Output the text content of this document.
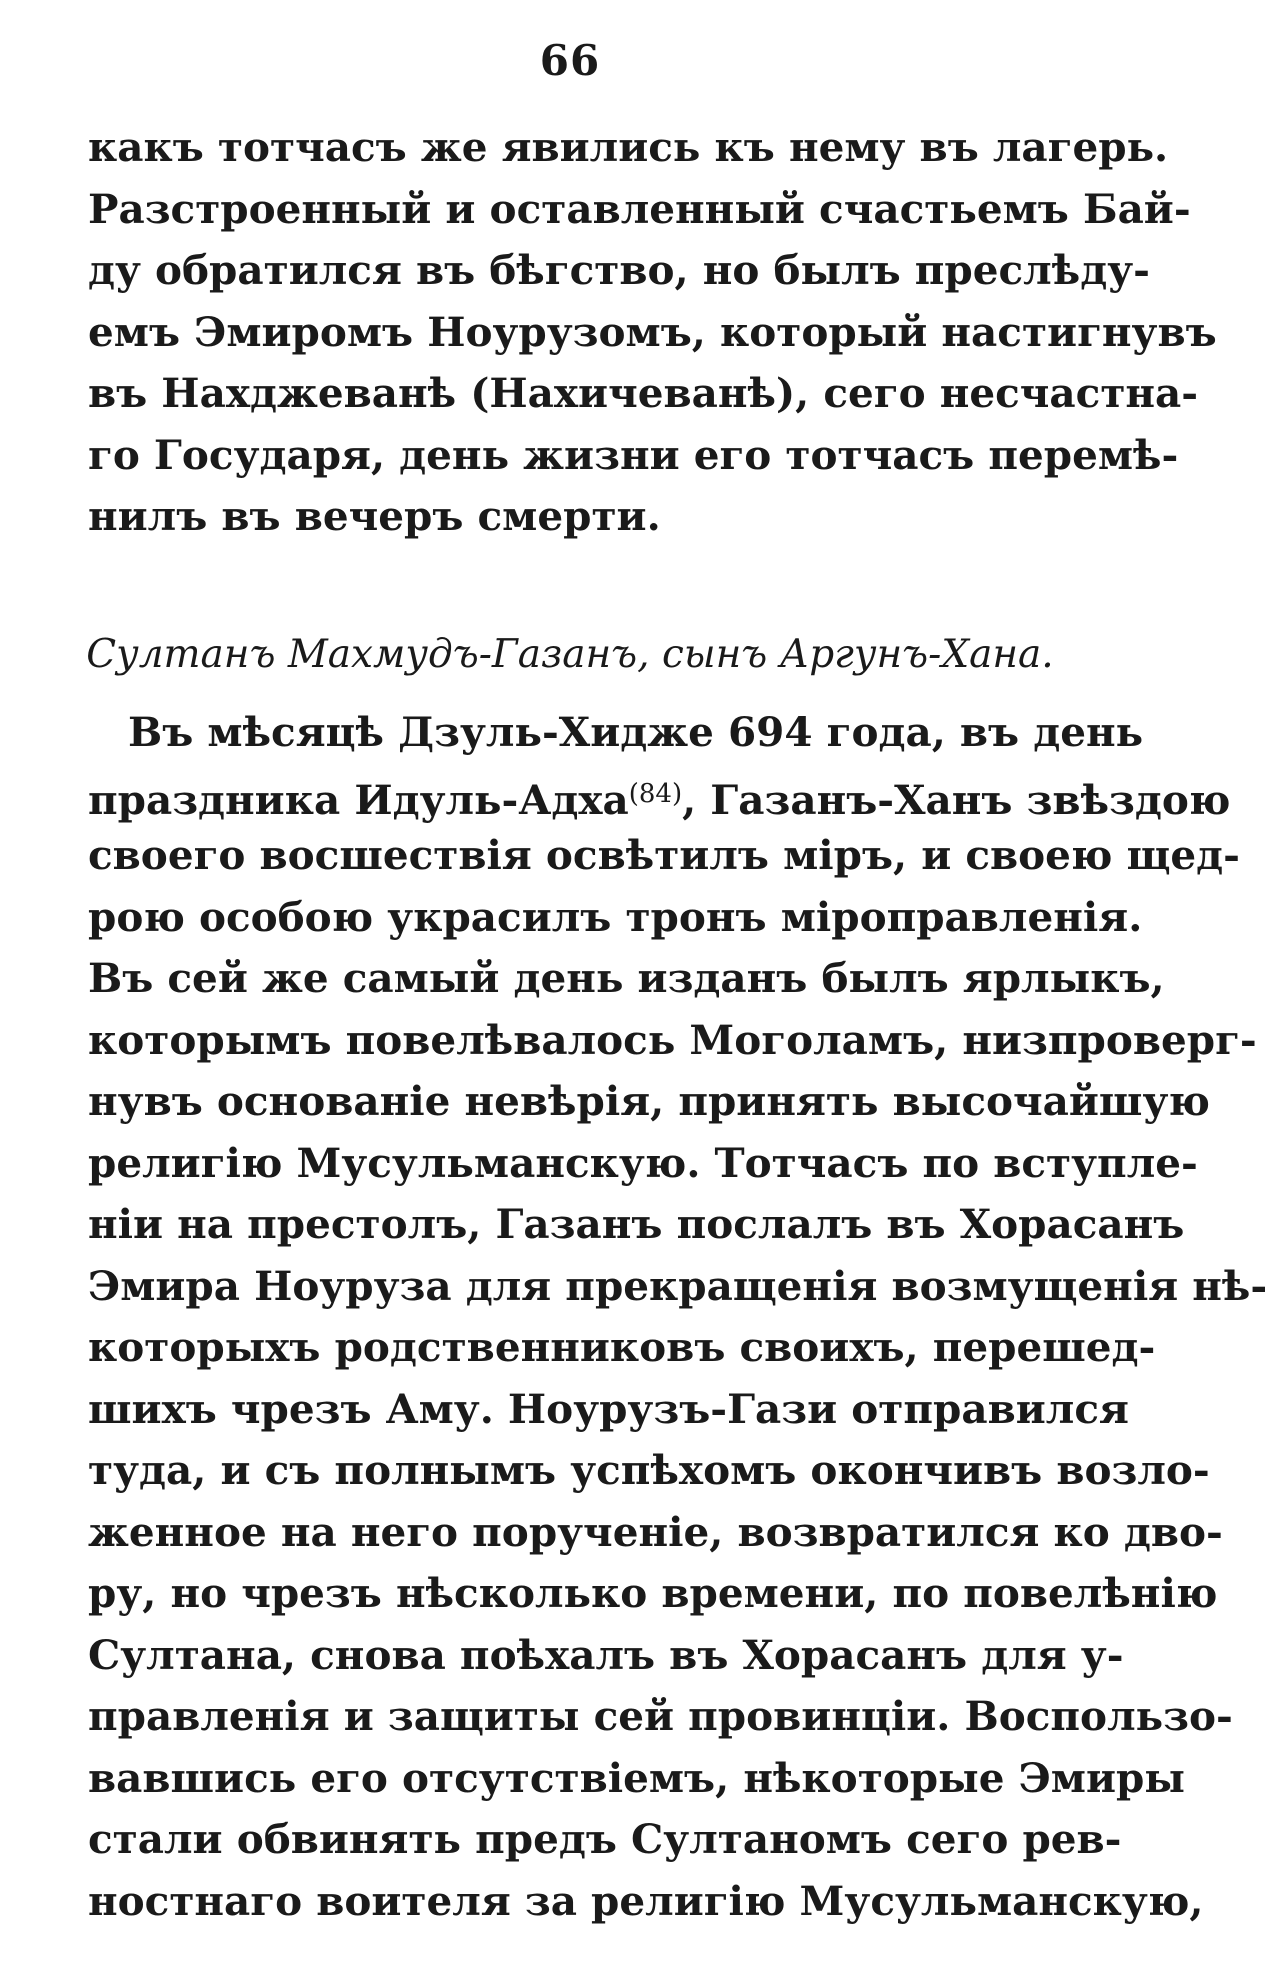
66
какъ тотчасъ же явились къ нему въ лагерь.
Разстроенный и оставленный счастьемъ Бай-
ду обратился въ бѣгство, но былъ преслѣду-
емъ Эмиромъ Ноурузомъ, который настигнувъ
въ Нахджеванѣ (Нахичеванѣ), сего несчастна-
го Государя, день жизни его тотчасъ перемѣ-
нилъ въ вечеръ смерти.
Султанъ Махмудъ-Газанъ, сынъ Аргунъ-Хана.
Въ мѣсяцѣ Дзуль-Хидже 694 года, въ день
праздника Идуль-Адха$^{(84)}$, Газанъ-Ханъ звѣздою
своего восшествія освѣтилъ міръ, и своею щед-
рою особою украсилъ тронъ міроправленія.
Въ сей же самый день изданъ былъ ярлыкъ,
которымъ повелѣвалось Моголамъ, низпроверг-
нувъ основаніе невѣрія, принять высочайшую
религію Мусульманскую. Тотчасъ по вступле-
ніи на престолъ, Газанъ послалъ въ Хорасанъ
Эмира Ноуруза для прекращенія возмущенія нѣ-
которыхъ родственниковъ своихъ, перешед-
шихъ чрезъ Аму. Ноурузъ-Гази отправился
туда, и съ полнымъ успѣхомъ окончивъ возло-
женное на него порученіе, возвратился ко дво-
ру, но чрезъ нѣсколько времени, по повелѣнію
Султана, снова поѣхалъ въ Хорасанъ для у-
правленія и защиты сей провинціи. Воспользо-
вавшись его отсутствіемъ, нѣкоторые Эмиры
стали обвинять предъ Султаномъ сего рев-
ностнаго воителя за религію Мусульманскую,
